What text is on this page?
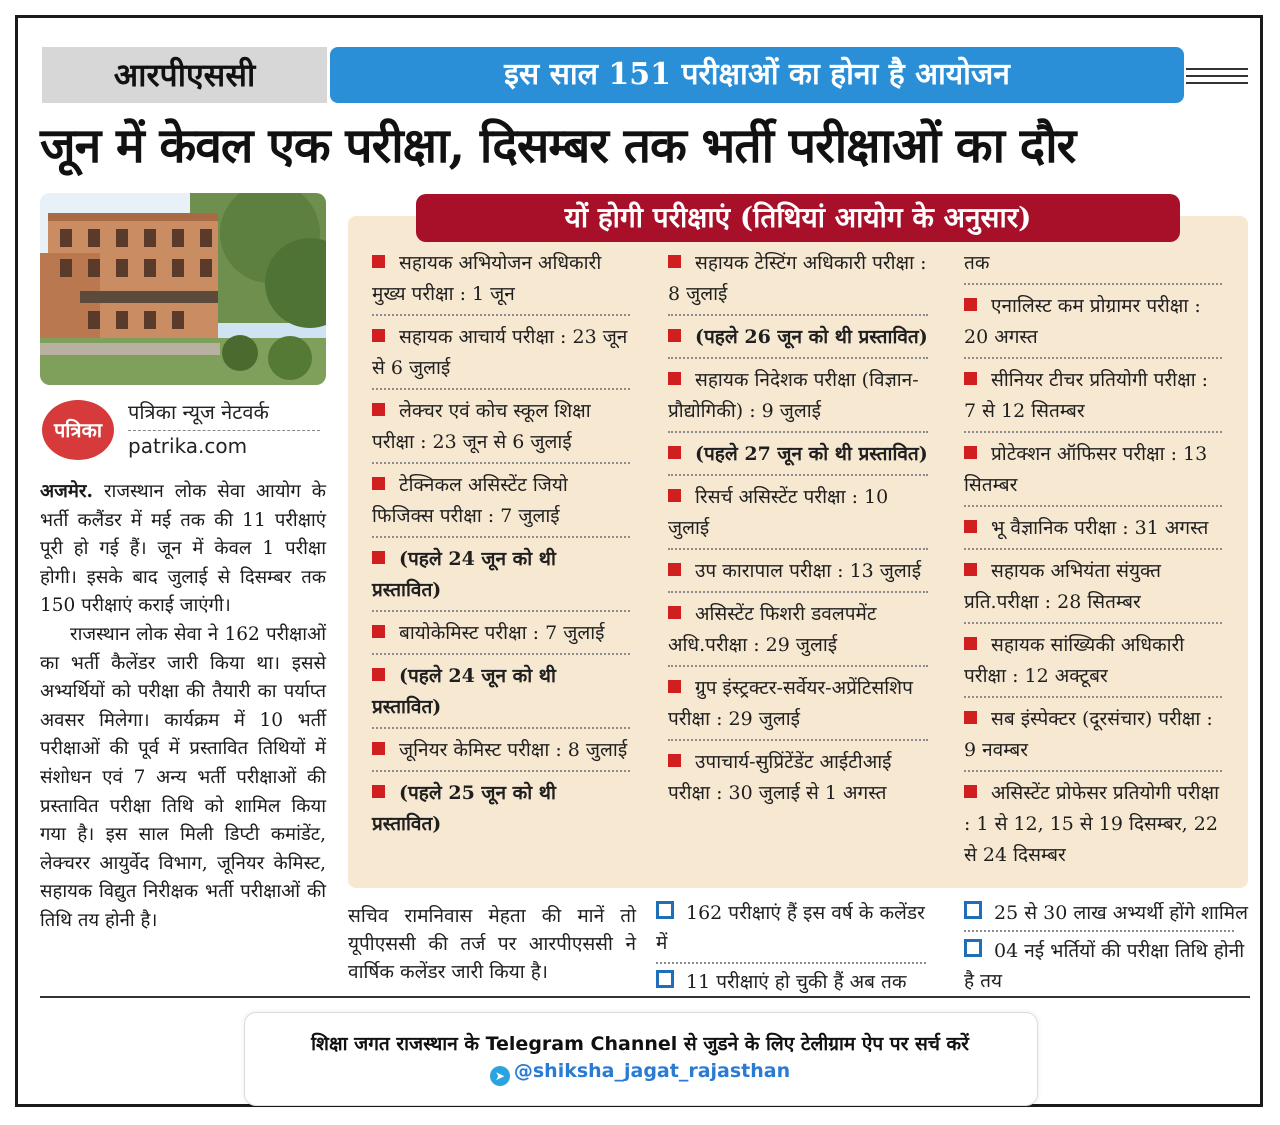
आरपीएससी	इस साल 151 परीक्षाओं का होना है आयोजन
जून में केवल एक परीक्षा, दिसम्बर तक भर्ती परीक्षाओं का दौर
पत्रिका
पत्रिका न्यूज नेटवर्क
patrika.com

अजमेर. राजस्थान लोक सेवा आयोग के भर्ती कलैंडर में मई तक की 11 परीक्षाएं पूरी हो गई हैं। जून में केवल 1 परीक्षा होगी। इसके बाद जुलाई से दिसम्बर तक 150 परीक्षाएं कराई जाएंगी।

राजस्थान लोक सेवा ने 162 परीक्षाओं का भर्ती कैलेंडर जारी किया था। इससे अभ्यर्थियों को परीक्षा की तैयारी का पर्याप्त अवसर मिलेगा। कार्यक्रम में 10 भर्ती परीक्षाओं की पूर्व में प्रस्तावित तिथियों में संशोधन एवं 7 अन्य भर्ती परीक्षाओं की प्रस्तावित परीक्षा तिथि को शामिल किया गया है। इस साल मिली डिप्टी कमांडेंट, लेक्चरर आयुर्वेद विभाग, जूनियर केमिस्ट, सहायक विद्युत निरीक्षक भर्ती परीक्षाओं की तिथि तय होनी है।

यों होगी परीक्षाएं (तिथियां आयोग के अनुसार)
सहायक अभियोजन अधिकारी मुख्य परीक्षा : 1 जून
सहायक आचार्य परीक्षा : 23 जून से 6 जुलाई
लेक्चर एवं कोच स्कूल शिक्षा परीक्षा : 23 जून से 6 जुलाई
टेक्निकल असिस्टेंट जियो फिजिक्स परीक्षा : 7 जुलाई
(पहले 24 जून को थी प्रस्तावित)
बायोकेमिस्ट परीक्षा : 7 जुलाई
(पहले 24 जून को थी प्रस्तावित)
जूनियर केमिस्ट परीक्षा : 8 जुलाई
(पहले 25 जून को थी प्रस्तावित)
सहायक टेस्टिंग अधिकारी परीक्षा : 8 जुलाई
(पहले 26 जून को थी प्रस्तावित)
सहायक निदेशक परीक्षा (विज्ञान-प्रौद्योगिकी) : 9 जुलाई
(पहले 27 जून को थी प्रस्तावित)
रिसर्च असिस्टेंट परीक्षा : 10 जुलाई
उप कारापाल परीक्षा : 13 जुलाई
असिस्टेंट फिशरी डवलपमेंट अधि.परीक्षा : 29 जुलाई
ग्रुप इंस्ट्रक्टर-सर्वेयर-अप्रेंटिसशिप परीक्षा : 29 जुलाई
उपाचार्य-सुप्रिंटेंडेंट आईटीआई परीक्षा : 30 जुलाई से 1 अगस्त
तक
एनालिस्ट कम प्रोग्रामर परीक्षा : 20 अगस्त
सीनियर टीचर प्रतियोगी परीक्षा : 7 से 12 सितम्बर
प्रोटेक्शन ऑफिसर परीक्षा : 13 सितम्बर
भू वैज्ञानिक परीक्षा : 31 अगस्त
सहायक अभियंता संयुक्त प्रति.परीक्षा : 28 सितम्बर
सहायक सांख्यिकी अधिकारी परीक्षा : 12 अक्टूबर
सब इंस्पेक्टर (दूरसंचार) परीक्षा : 9 नवम्बर
असिस्टेंट प्रोफेसर प्रतियोगी परीक्षा : 1 से 12, 15 से 19 दिसम्बर, 22 से 24 दिसम्बर
सचिव रामनिवास मेहता की मानें तो यूपीएससी की तर्ज पर आरपीएससी ने वार्षिक कलेंडर जारी किया है।
162 परीक्षाएं हैं इस वर्ष के कलेंडर में
11 परीक्षाएं हो चुकी हैं अब तक
25 से 30 लाख अभ्यर्थी होंगे शामिल
04 नई भर्तियों की परीक्षा तिथि होनी है तय
शिक्षा जगत राजस्थान के Telegram Channel से जुडने के लिए टेलीग्राम ऐप पर सर्च करें
➤ @shiksha_jagat_rajasthan
